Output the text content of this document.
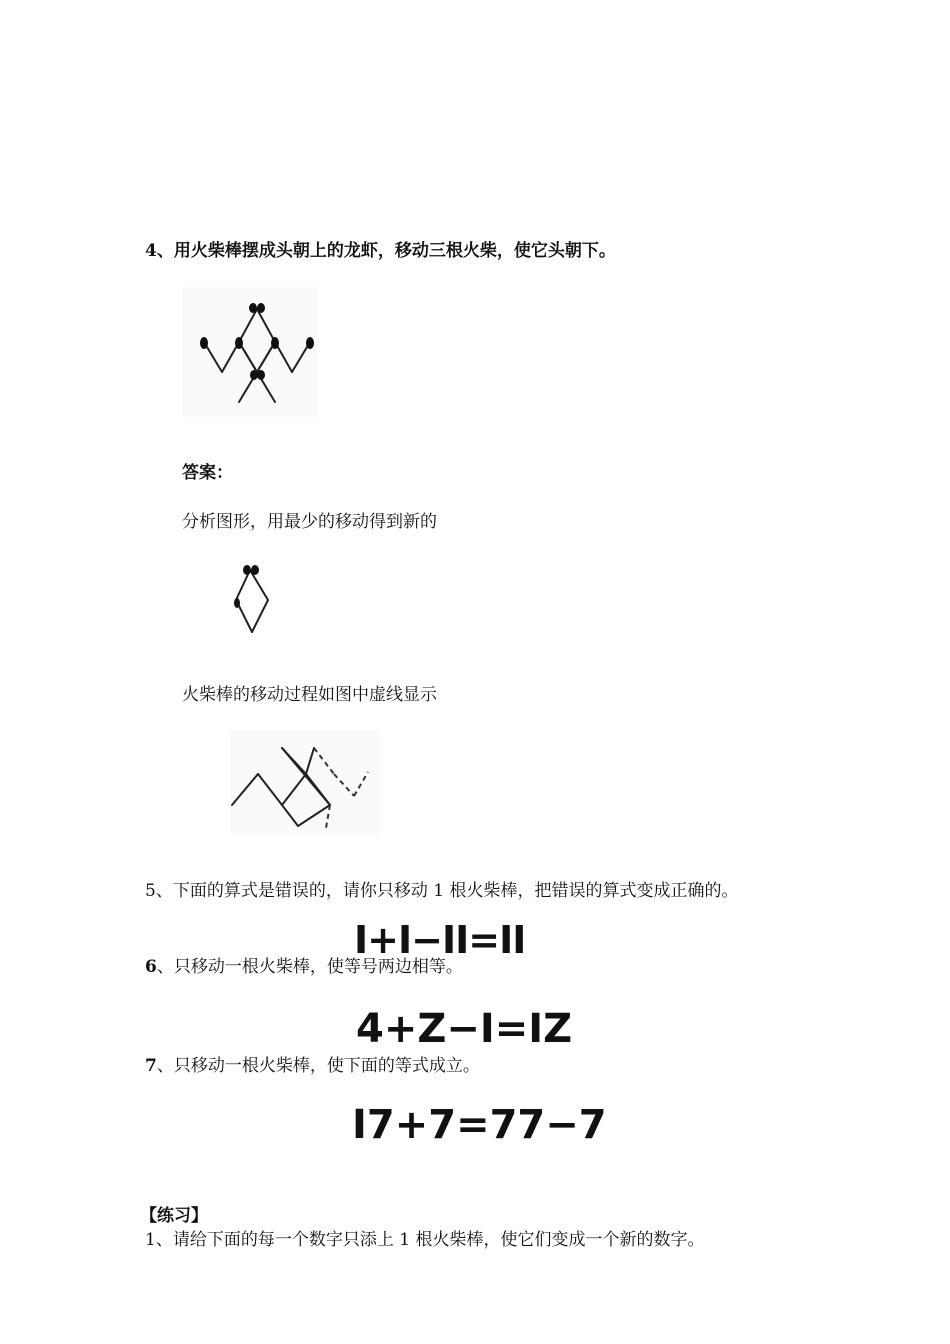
4、用火柴棒摆成头朝上的龙虾，移动三根火柴，使它头朝下。
答案：
分析图形，用最少的移动得到新的
火柴棒的移动过程如图中虚线显示
5、下面的算式是错误的，请你只移动 1 根火柴棒，把错误的算式变成正确的。
I+I−II=II
6、只移动一根火柴棒，使等号两边相等。
4+Z−I=IZ
7、只移动一根火柴棒，使下面的等式成立。
I7+7=77−7
【练习】
1、请给下面的每一个数字只添上 1 根火柴棒，使它们变成一个新的数字。
